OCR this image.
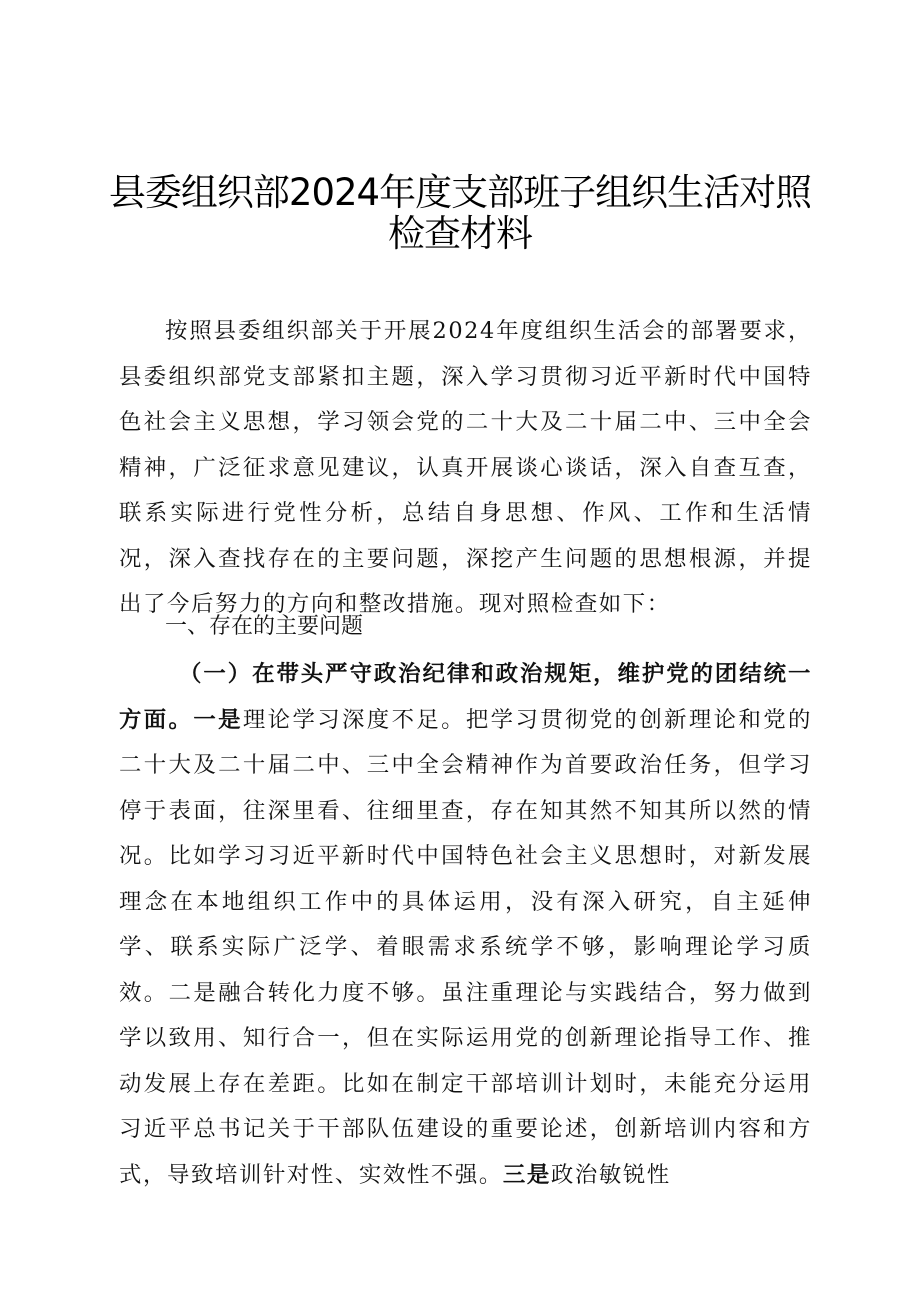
县委组织部2024年度支部班子组织生活对照
检查材料

按照县委组织部关于开展2024年度组织生活会的部署要求，县委组织部党支部紧扣主题，深入学习贯彻习近平新时代中国特色社会主义思想，学习领会党的二十大及二十届二中、三中全会精神，广泛征求意见建议，认真开展谈心谈话，深入自查互查，联系实际进行党性分析，总结自身思想、作风、工作和生活情况，深入查找存在的主要问题，深挖产生问题的思想根源，并提出了今后努力的方向和整改措施。现对照检查如下：

一、存在的主要问题

（一）在带头严守政治纪律和政治规矩，维护党的团结统一方面。一是理论学习深度不足。把学习贯彻党的创新理论和党的二十大及二十届二中、三中全会精神作为首要政治任务，但学习停于表面，往深里看、往细里查，存在知其然不知其所以然的情况。比如学习习近平新时代中国特色社会主义思想时，对新发展理念在本地组织工作中的具体运用，没有深入研究，自主延伸学、联系实际广泛学、着眼需求系统学不够，影响理论学习质效。二是融合转化力度不够。虽注重理论与实践结合，努力做到学以致用、知行合一，但在实际运用党的创新理论指导工作、推动发展上存在差距。比如在制定干部培训计划时，未能充分运用习近平总书记关于干部队伍建设的重要论述，创新培训内容和方式，导致培训针对性、实效性不强。三是政治敏锐性
